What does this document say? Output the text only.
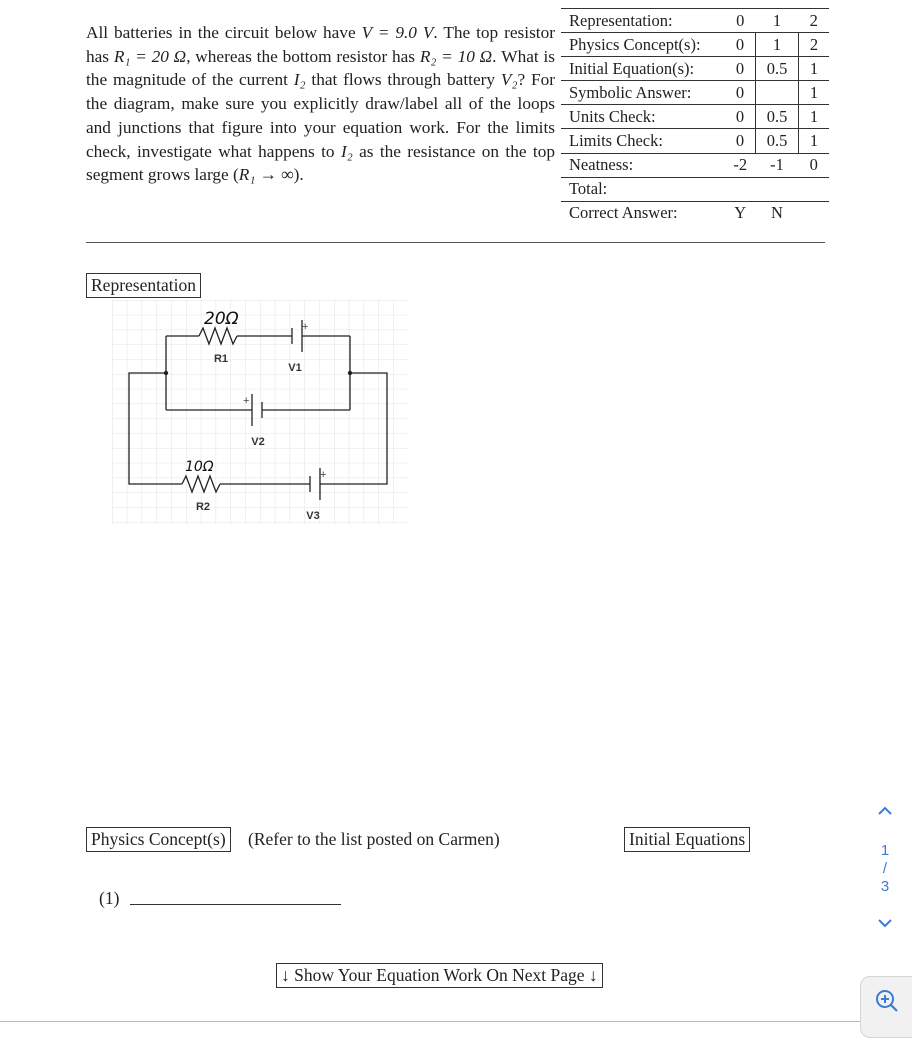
All batteries in the circuit below have V = 9.0 V. The top resistor has R₁ = 20 Ω, whereas the bottom resistor has R₂ = 10 Ω. What is the magnitude of the current I₂ that flows through battery V₂? For the diagram, make sure you explicitly draw/label all of the loops and junctions that figure into your equation work. For the limits check, investigate what happens to I₂ as the resistance on the top segment grows large (R₁ → ∞).
Representation:	0	1	2
Physics Concept(s):	0	1	2
Initial Equation(s):	0	0.5	1
Symbolic Answer:	0		1
Units Check:	0	0.5	1
Limits Check:	0	0.5	1
Neatness:	-2	-1	0
Total:			
Correct Answer:	Y	N	
Representation
R1
V1
V2
R2
V3
+
+
+
20Ω
10Ω
Physics Concept(s) (Refer to the list posted on Carmen)	Initial Equations
(1)
↓ Show Your Equation Work On Next Page ↓
1
/
3
